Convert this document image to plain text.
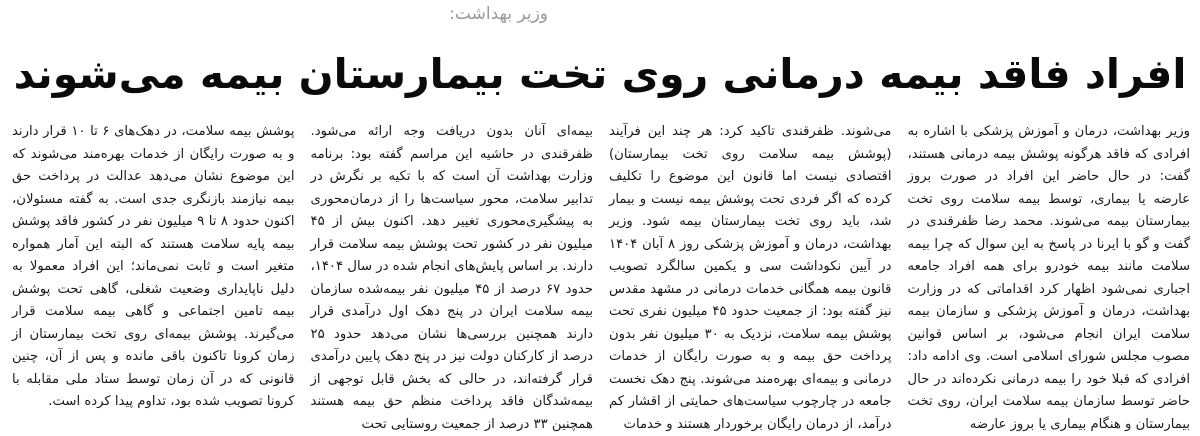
وزیر بهداشت:
افراد فاقد بیمه درمانی روی تخت بیمارستان بیمه می‌شوند

وزیر بهداشت، درمان و آموزش پزشکی با اشاره به افرادی که فاقد هرگونه پوشش بیمه درمانی هستند، گفت: در حال حاضر این افراد در صورت بروز عارضه یا بیماری، توسط بیمه سلامت روی تخت بیمارستان بیمه می‌شوند. محمد رضا ظفرقندی در گفت و گو با ایرنا در پاسخ به این سوال که چرا بیمه سلامت مانند بیمه خودرو برای همه افراد جامعه اجباری نمی‌شود اظهار کرد اقداماتی که در وزارت بهداشت، درمان و آموزش پزشکی و سازمان بیمه سلامت ایران انجام می‌شود، بر اساس قوانین مصوب مجلس شورای اسلامی است. وی ادامه داد: افرادی که قبلا خود را بیمه درمانی نکرده‌اند در حال حاضر توسط سازمان بیمه سلامت ایران، روی تخت بیمارستان و هنگام بیماری یا بروز عارضه

می‌شوند. ظفرقندی تاکید کرد: هر چند این فرآیند (پوشش بیمه سلامت روی تخت بیمارستان) اقتصادی نیست اما قانون این موضوع را تکلیف کرده که اگر فردی تحت پوشش بیمه نیست و بیمار شد، باید روی تخت بیمارستان بیمه شود. وزیر بهداشت، درمان و آموزش پزشکی روز ۸ آبان ۱۴۰۴ در آیین نکوداشت سی و یکمین سالگرد تصویب قانون بیمه همگانی خدمات درمانی در مشهد مقدس نیز گفته بود: از جمعیت حدود ۴۵ میلیون نفری تحت پوشش بیمه سلامت، نزدیک به ۳۰ میلیون نفر بدون پرداخت حق بیمه و به صورت رایگان از خدمات درمانی و بیمه‌ای بهره‌مند می‌شوند. پنج دهک نخست جامعه در چارچوب سیاست‌های حمایتی از اقشار کم درآمد، از درمان رایگان برخوردار هستند و خدمات

بیمه‌ای آنان بدون دریافت وجه ارائه می‌شود. ظفرقندی در حاشیه این مراسم گفته بود: برنامه وزارت بهداشت آن است که با تکیه بر نگرش در تدابیر سلامت، محور سیاست‌ها را از درمان‌محوری به پیشگیری‌محوری تغییر دهد. اکنون بیش از ۴۵ میلیون نفر در کشور تحت پوشش بیمه سلامت قرار دارند. بر اساس پایش‌های انجام شده در سال ۱۴۰۴، حدود ۶۷ درصد از ۴۵ میلیون نفر بیمه‌شده سازمان بیمه سلامت ایران در پنج دهک اول درآمدی قرار دارند همچنین بررسی‌ها نشان می‌دهد حدود ۲۵ درصد از کارکنان دولت نیز در پنج دهک پایین درآمدی قرار گرفته‌اند، در حالی که بخش قابل توجهی از بیمه‌شدگان فاقد پرداخت منظم حق بیمه هستند همچنین ۳۳ درصد از جمعیت روستایی تحت

پوشش بیمه سلامت، در دهک‌های ۶ تا ۱۰ قرار دارند و به صورت رایگان از خدمات بهره‌مند می‌شوند که این موضوع نشان می‌دهد عدالت در پرداخت حق بیمه نیازمند بازنگری جدی است. به گفته مسئولان، اکنون حدود ۸ تا ۹ میلیون نفر در کشور فاقد پوشش بیمه پایه سلامت هستند که البته این آمار همواره متغیر است و ثابت نمی‌ماند؛ این افراد معمولا به دلیل ناپایداری وضعیت شغلی، گاهی تحت پوشش بیمه تامین اجتماعی و گاهی بیمه سلامت قرار می‌گیرند. پوشش بیمه‌ای روی تخت بیمارستان از زمان کرونا تاکنون باقی مانده و پس از آن، چنین قانونی که در آن زمان توسط ستاد ملی مقابله با کرونا تصویب شده بود، تداوم پیدا کرده است.
